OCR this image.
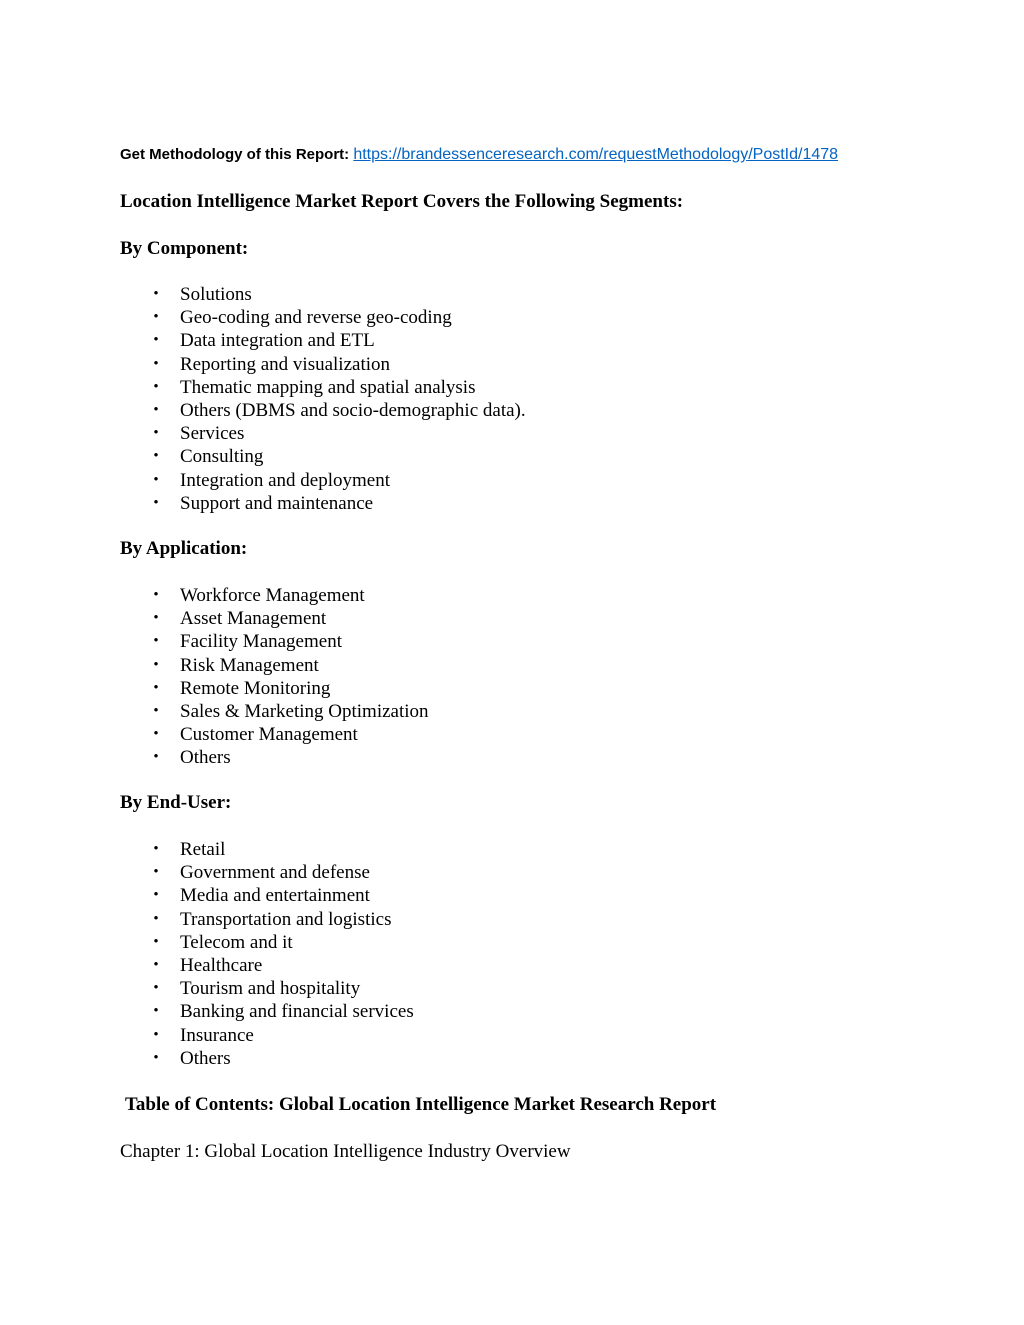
Get Methodology of this Report: https://brandessenceresearch.com/requestMethodology/PostId/1478
Location Intelligence Market Report Covers the Following Segments:
By Component:
• Solutions
• Geo-coding and reverse geo-coding
• Data integration and ETL
• Reporting and visualization
• Thematic mapping and spatial analysis
• Others (DBMS and socio-demographic data).
• Services
• Consulting
• Integration and deployment
• Support and maintenance
By Application:
• Workforce Management
• Asset Management
• Facility Management
• Risk Management
• Remote Monitoring
• Sales & Marketing Optimization
• Customer Management
• Others
By End-User:
• Retail
• Government and defense
• Media and entertainment
• Transportation and logistics
• Telecom and it
• Healthcare
• Tourism and hospitality
• Banking and financial services
• Insurance
• Others
Table of Contents: Global Location Intelligence Market Research Report
Chapter 1: Global Location Intelligence Industry Overview
